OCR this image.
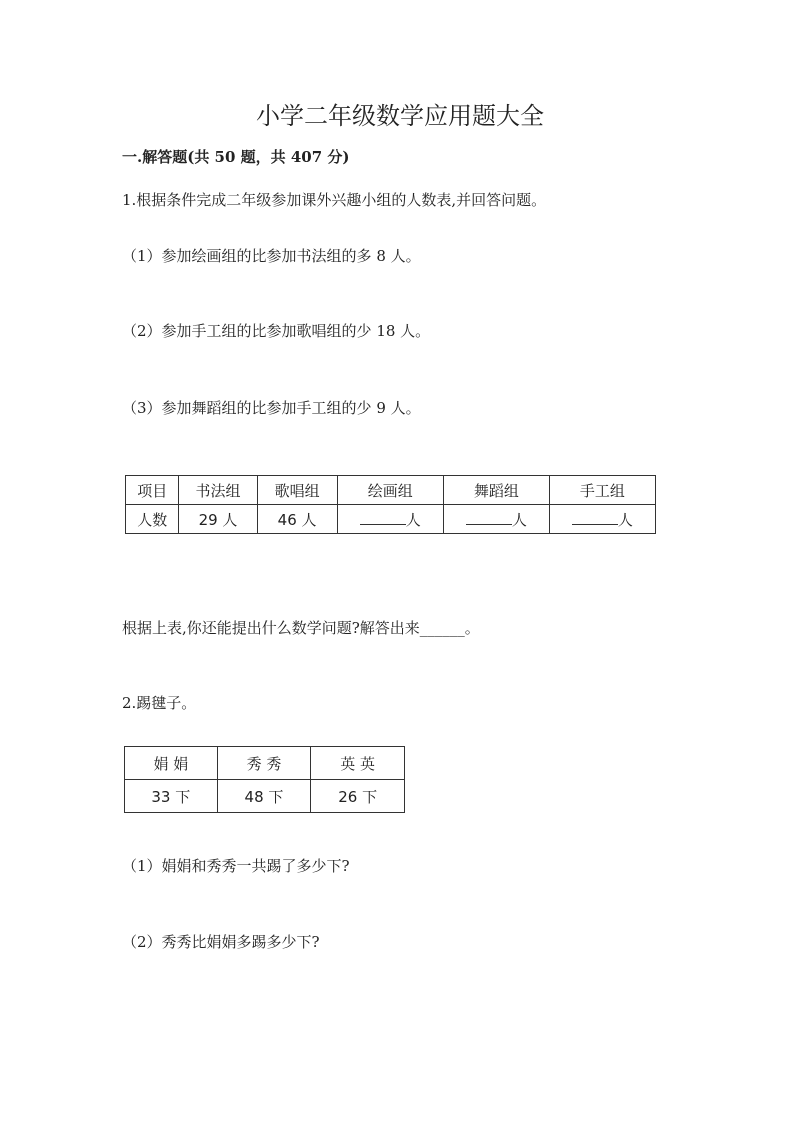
小学二年级数学应用题大全
一.解答题(共 50 题，共 407 分)
1.根据条件完成二年级参加课外兴趣小组的人数表,并回答问题。
（1）参加绘画组的比参加书法组的多 8 人。
（2）参加手工组的比参加歌唱组的少 18 人。
（3）参加舞蹈组的比参加手工组的少 9 人。
项目	书法组	歌唱组	绘画组	舞蹈组	手工组
人数	29 人	46 人	人	人	人
根据上表,你还能提出什么数学问题?解答出来______。
2.踢毽子。
娟 娟	秀 秀	英 英
33 下	48 下	26 下
（1）娟娟和秀秀一共踢了多少下?
（2）秀秀比娟娟多踢多少下?
